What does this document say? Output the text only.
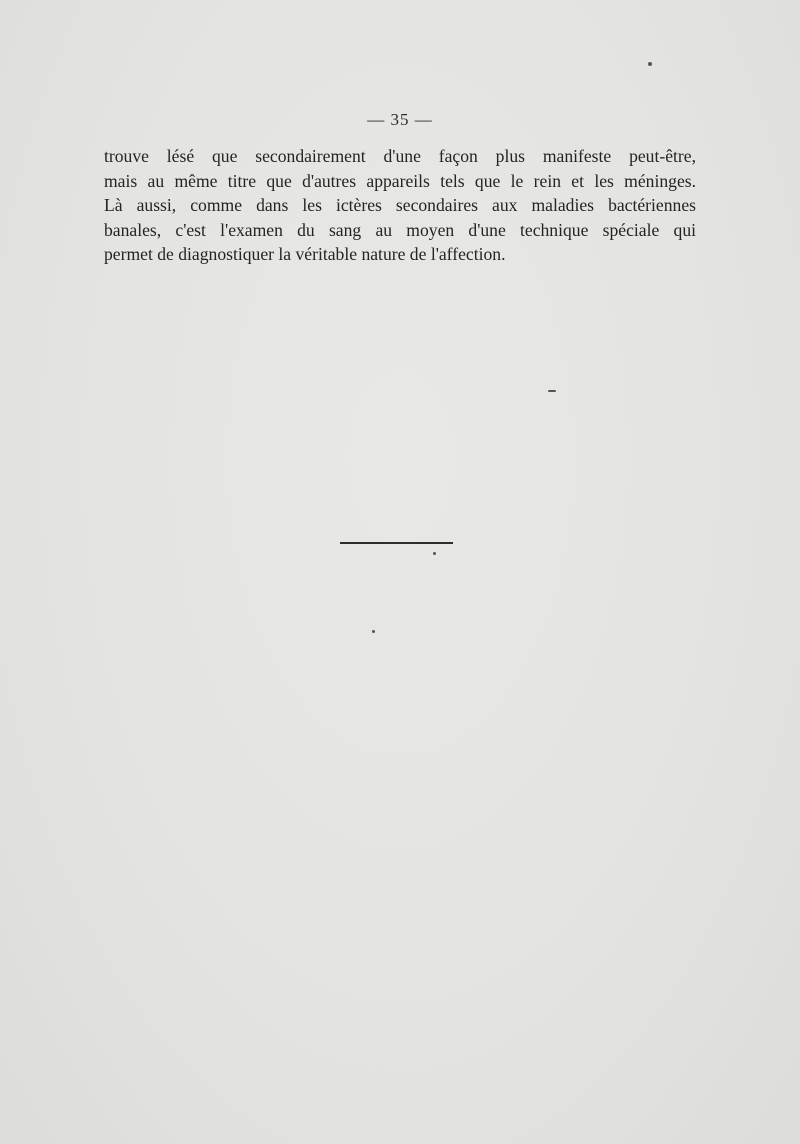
— 35 —
trouve lésé que secondairement d'une façon plus manifeste peut-être,
mais au même titre que d'autres appareils tels que le rein et les méninges.
Là aussi, comme dans les ictères secondaires aux maladies bactériennes
banales, c'est l'examen du sang au moyen d'une technique spéciale qui
permet de diagnostiquer la véritable nature de l'affection.
